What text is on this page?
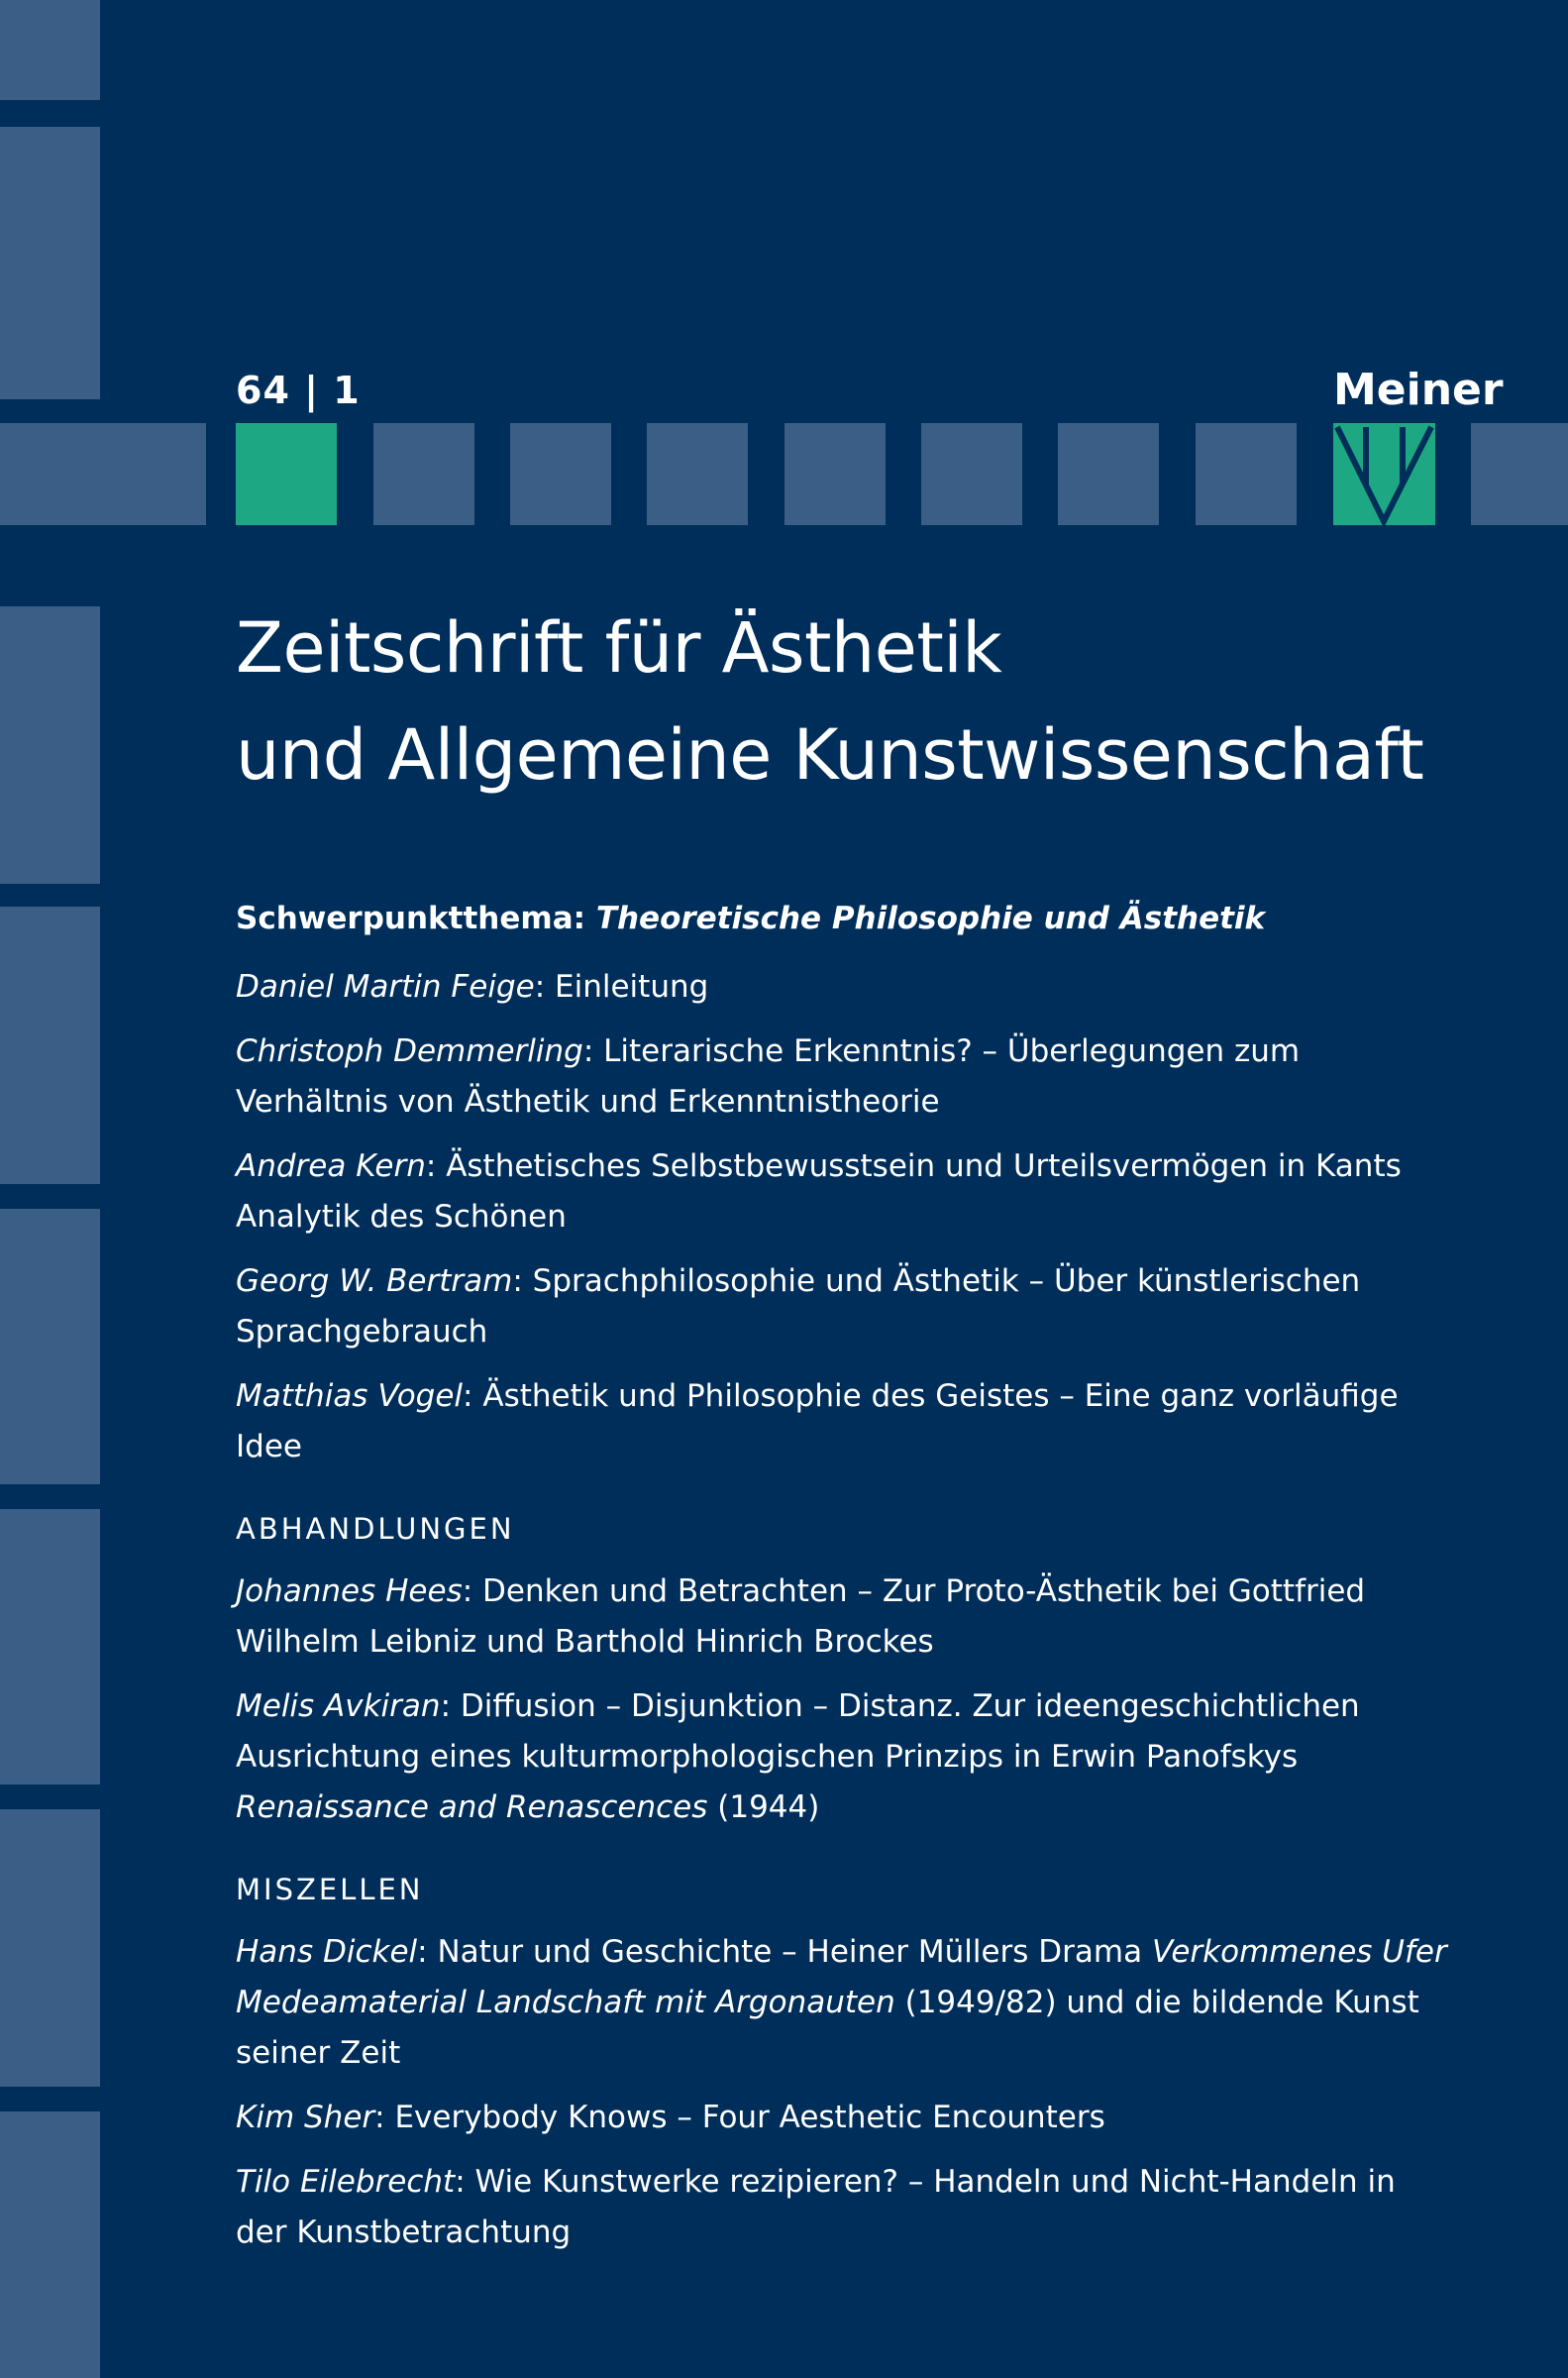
64 | 1	Meiner
Zeitschrift für Ästhetik
und Allgemeine Kunstwissenschaft
Schwerpunktthema: Theoretische Philosophie und Ästhetik
Daniel Martin Feige: Einleitung
Christoph Demmerling: Literarische Erkenntnis? – Überlegungen zum Verhältnis von Ästhetik und Erkenntnistheorie
Andrea Kern: Ästhetisches Selbstbewusstsein und Urteilsvermögen in Kants Analytik des Schönen
Georg W. Bertram: Sprachphilosophie und Ästhetik – Über künstlerischen Sprachgebrauch
Matthias Vogel: Ästhetik und Philosophie des Geistes – Eine ganz vorläufige Idee
ABHANDLUNGEN
Johannes Hees: Denken und Betrachten – Zur Proto-Ästhetik bei Gottfried Wilhelm Leibniz und Barthold Hinrich Brockes
Melis Avkiran: Diffusion – Disjunktion – Distanz. Zur ideengeschichtlichen Ausrichtung eines kulturmorphologischen Prinzips in Erwin Panofskys Renaissance and Renascences (1944)
MISZELLEN
Hans Dickel: Natur und Geschichte – Heiner Müllers Drama Verkommenes Ufer Medeamaterial Landschaft mit Argonauten (1949/82) und die bildende Kunst seiner Zeit
Kim Sher: Everybody Knows – Four Aesthetic Encounters
Tilo Eilebrecht: Wie Kunstwerke rezipieren? – Handeln und Nicht-Handeln in der Kunstbetrachtung
